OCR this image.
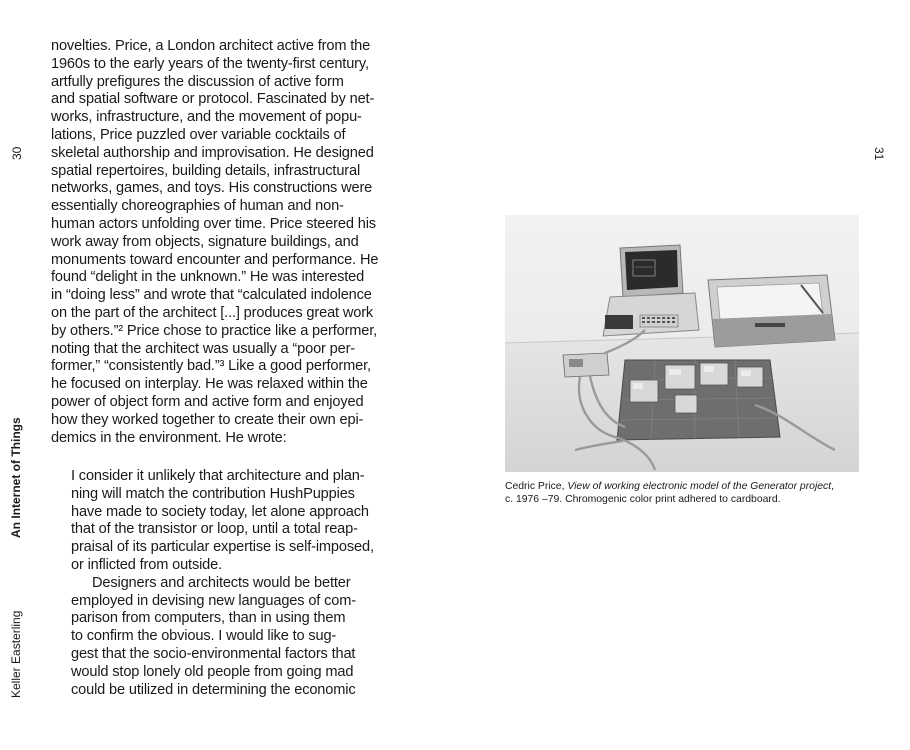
30
An Internet of Things
Keller Easterling
novelties. Price, a London architect active from the
1960s to the early years of the twenty-first century,
artfully prefigures the discussion of active form
and spatial software or protocol. Fascinated by net-
works, infrastructure, and the movement of popu-
lations, Price puzzled over variable cocktails of
skeletal authorship and improvisation. He designed
spatial repertoires, building details, infrastructural
networks, games, and toys. His constructions were
essentially choreographies of human and non-
human actors unfolding over time. Price steered his
work away from objects, signature buildings, and
monuments toward encounter and performance. He
found “delight in the unknown.” He was interested
in “doing less” and wrote that “calculated indolence
on the part of the architect [...] produces great work
by others.”² Price chose to practice like a performer,
noting that the architect was usually a “poor per-
former,” “consistently bad.”³ Like a good performer,
he focused on interplay. He was relaxed within the
power of object form and active form and enjoyed
how they worked together to create their own epi-
demics in the environment. He wrote:
I consider it unlikely that architecture and plan-
ning will match the contribution HushPuppies
have made to society today, let alone approach
that of the transistor or loop, until a total reap-
praisal of its particular expertise is self-imposed,
or inflicted from outside.
Designers and architects would be better
employed in devising new languages of com-
parison from computers, than in using them
to confirm the obvious. I would like to sug-
gest that the socio-environmental factors that
would stop lonely old people from going mad
could be utilized in determining the economic
31
Cedric Price, View of working electronic model of the Generator project,
c. 1976 –79. Chromogenic color print adhered to cardboard.
